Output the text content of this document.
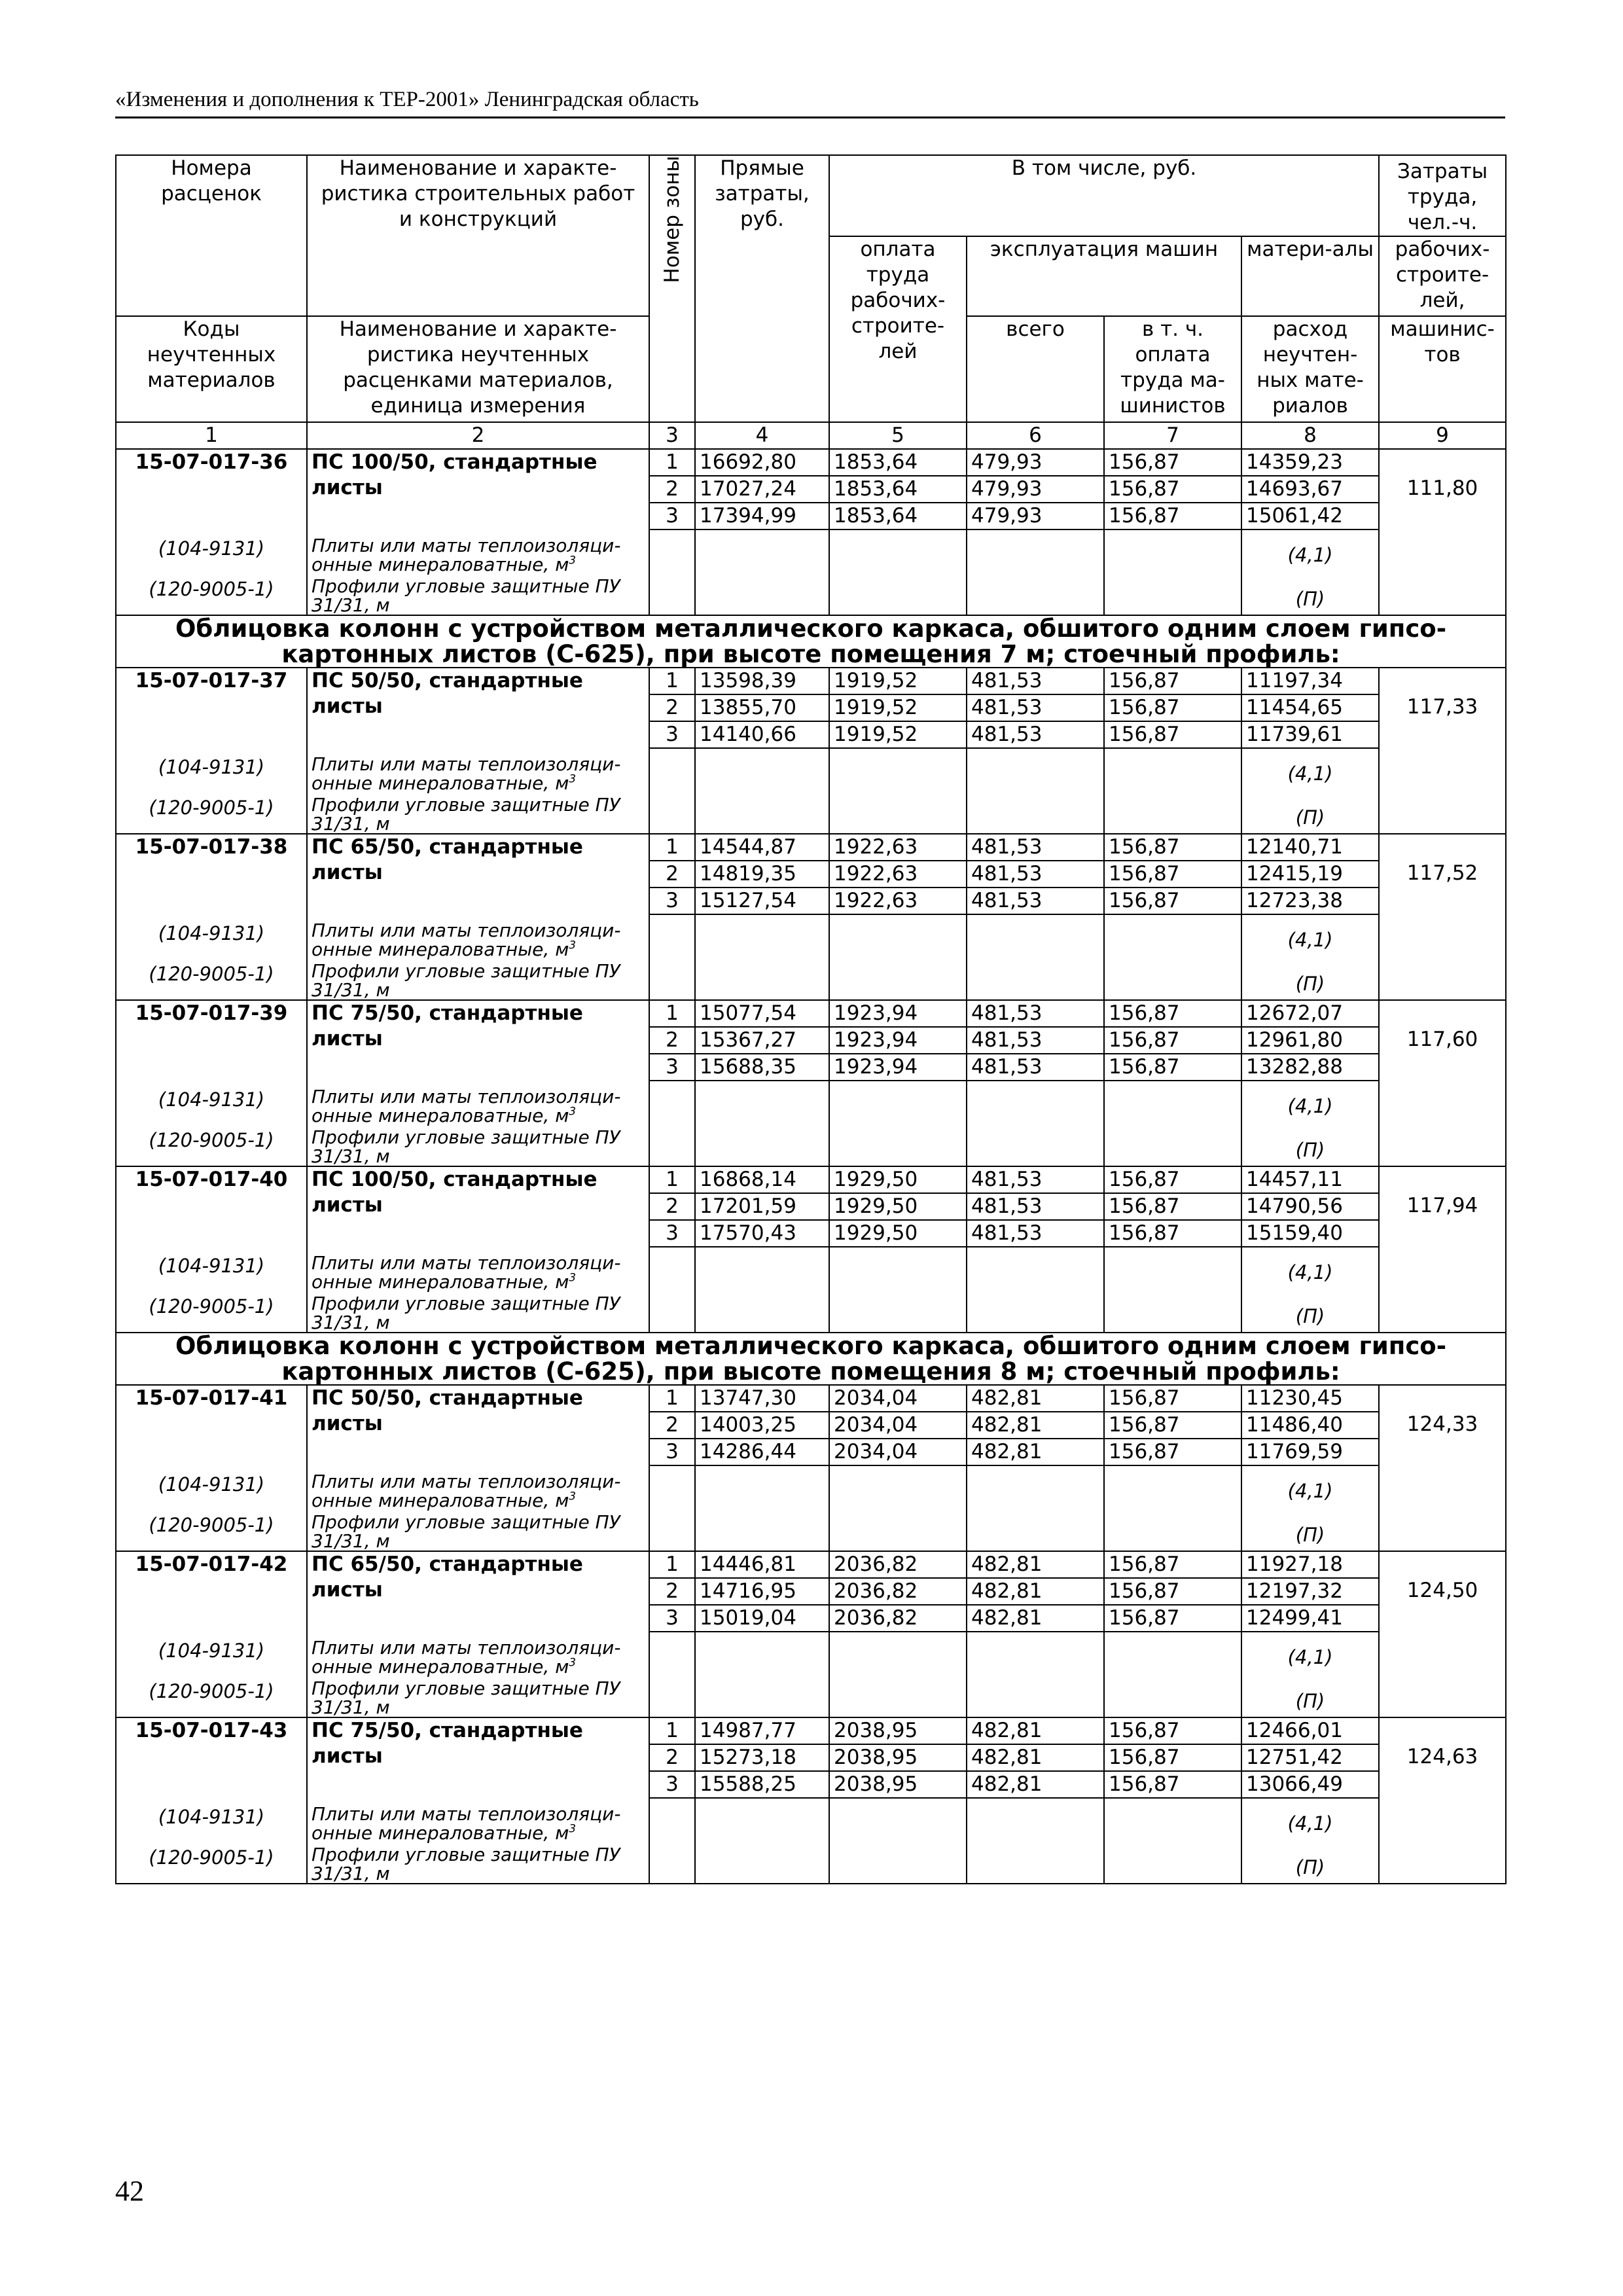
«Изменения и дополнения к ТЕР-2001» Ленинградская область
Номера расценок	Наименование и характе-ристика строительных работ и конструкций	Номер зоны	Прямые затраты, руб.	В том числе, руб.				Затраты труда, чел.-ч.
				оплата труда рабочих-строите-лей	эксплуатация машин		матери-алы	рабочих-строите-лей,

Коды неучтенных материалов	Наименование и характе-ристика неучтенных расценками материалов, единица измерения				всего	в т. ч. оплата труда ма-шинистов	расход неучтен-ных мате-риалов	машинис-тов

1	2	3	4	5	6	7	8	9
15-07-017-36	ПС 100/50, стандартные листы	1	16692,80	1853,64	479,93	156,87	14359,23	
		2	17027,24	1853,64	479,93	156,87	14693,67	111,80
		3	17394,99	1853,64	479,93	156,87	15061,42	
(104-9131)	Плиты или маты теплоизоляци-онные минераловатные, $м^3$						(4,1)	
(120-9005-1)	Профили угловые защитные ПУ 31/31, м						(П)	
Облицовка колонн с устройством металлического каркаса, обшитого одним слоем гипсо-картонных листов (С-625), при высоте помещения 7 м; стоечный профиль:								
15-07-017-37	ПС 50/50, стандартные листы	1	13598,39	1919,52	481,53	156,87	11197,34	
		2	13855,70	1919,52	481,53	156,87	11454,65	117,33
		3	14140,66	1919,52	481,53	156,87	11739,61	
(104-9131)	Плиты или маты теплоизоляци-онные минераловатные, $м^3$						(4,1)	
(120-9005-1)	Профили угловые защитные ПУ 31/31, м						(П)	
15-07-017-38	ПС 65/50, стандартные листы	1	14544,87	1922,63	481,53	156,87	12140,71	
		2	14819,35	1922,63	481,53	156,87	12415,19	117,52
		3	15127,54	1922,63	481,53	156,87	12723,38	
(104-9131)	Плиты или маты теплоизоляци-онные минераловатные, $м^3$						(4,1)	
(120-9005-1)	Профили угловые защитные ПУ 31/31, м						(П)	
15-07-017-39	ПС 75/50, стандартные листы	1	15077,54	1923,94	481,53	156,87	12672,07	
		2	15367,27	1923,94	481,53	156,87	12961,80	117,60
		3	15688,35	1923,94	481,53	156,87	13282,88	
(104-9131)	Плиты или маты теплоизоляци-онные минераловатные, $м^3$						(4,1)	
(120-9005-1)	Профили угловые защитные ПУ 31/31, м						(П)	
15-07-017-40	ПС 100/50, стандартные листы	1	16868,14	1929,50	481,53	156,87	14457,11	
		2	17201,59	1929,50	481,53	156,87	14790,56	117,94
		3	17570,43	1929,50	481,53	156,87	15159,40	
(104-9131)	Плиты или маты теплоизоляци-онные минераловатные, $м^3$						(4,1)	
(120-9005-1)	Профили угловые защитные ПУ 31/31, м						(П)	
Облицовка колонн с устройством металлического каркаса, обшитого одним слоем гипсо-картонных листов (С-625), при высоте помещения 8 м; стоечный профиль:								
15-07-017-41	ПС 50/50, стандартные листы	1	13747,30	2034,04	482,81	156,87	11230,45	
		2	14003,25	2034,04	482,81	156,87	11486,40	124,33
		3	14286,44	2034,04	482,81	156,87	11769,59	
(104-9131)	Плиты или маты теплоизоляци-онные минераловатные, $м^3$						(4,1)	
(120-9005-1)	Профили угловые защитные ПУ 31/31, м						(П)	
15-07-017-42	ПС 65/50, стандартные листы	1	14446,81	2036,82	482,81	156,87	11927,18	
		2	14716,95	2036,82	482,81	156,87	12197,32	124,50
		3	15019,04	2036,82	482,81	156,87	12499,41	
(104-9131)	Плиты или маты теплоизоляци-онные минераловатные, $м^3$						(4,1)	
(120-9005-1)	Профили угловые защитные ПУ 31/31, м						(П)	
15-07-017-43	ПС 75/50, стандартные листы	1	14987,77	2038,95	482,81	156,87	12466,01	
		2	15273,18	2038,95	482,81	156,87	12751,42	124,63
		3	15588,25	2038,95	482,81	156,87	13066,49	
(104-9131)	Плиты или маты теплоизоляци-онные минераловатные, $м^3$						(4,1)	
(120-9005-1)	Профили угловые защитные ПУ 31/31, м						(П)	
42
